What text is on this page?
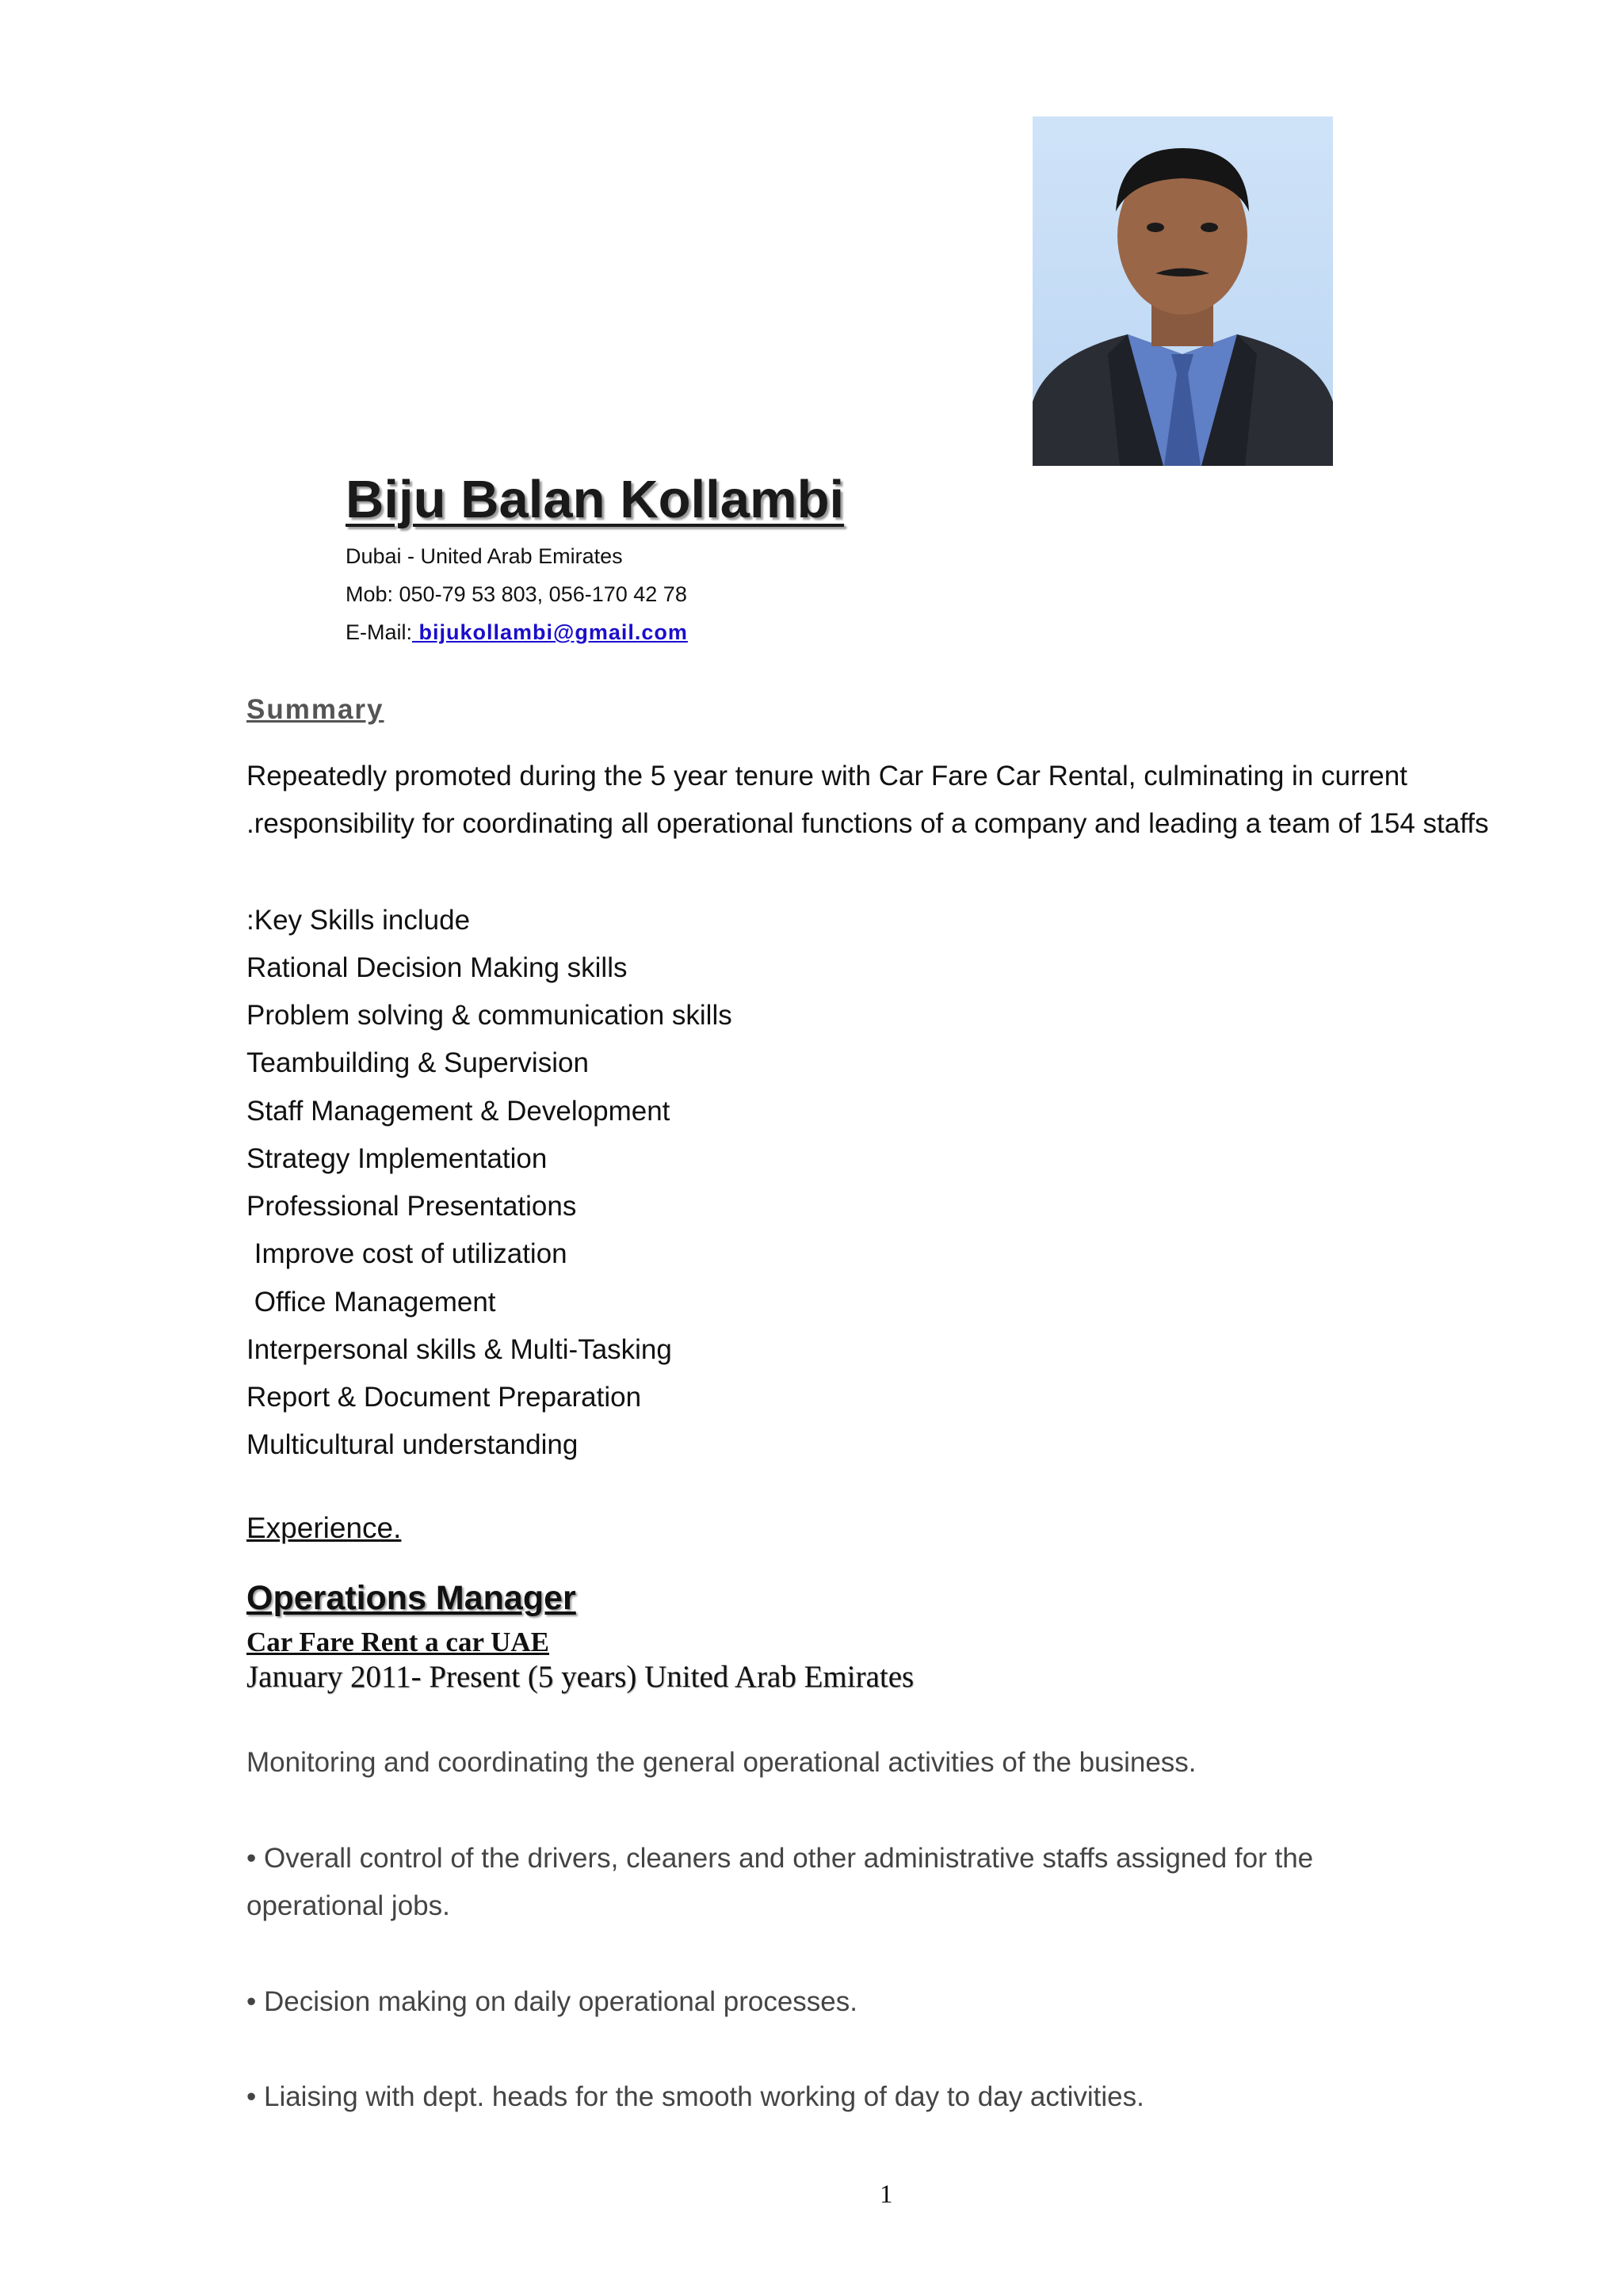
Biju Balan Kollambi
Dubai - United Arab Emirates
Mob: 050-79 53 803, 056-170 42 78
E-Mail: bijukollambi@gmail.com
Summary
Repeatedly promoted during the 5 year tenure with Car Fare Car Rental, culminating in current
.responsibility for coordinating all operational functions of a company and leading a team of 154 staffs
:Key Skills include
Rational Decision Making skills
Problem solving & communication skills
Teambuilding & Supervision
Staff Management & Development
Strategy Implementation
Professional Presentations
Improve cost of utilization
Office Management
Interpersonal skills & Multi-Tasking
Report & Document Preparation
Multicultural understanding
Experience.
Operations Manager
Car Fare Rent a car UAE
January 2011- Present (5 years) United Arab Emirates
Monitoring and coordinating the general operational activities of the business.
• Overall control of the drivers, cleaners and other administrative staffs assigned for the
operational jobs.
• Decision making on daily operational processes.
• Liaising with dept. heads for the smooth working of day to day activities.
1
